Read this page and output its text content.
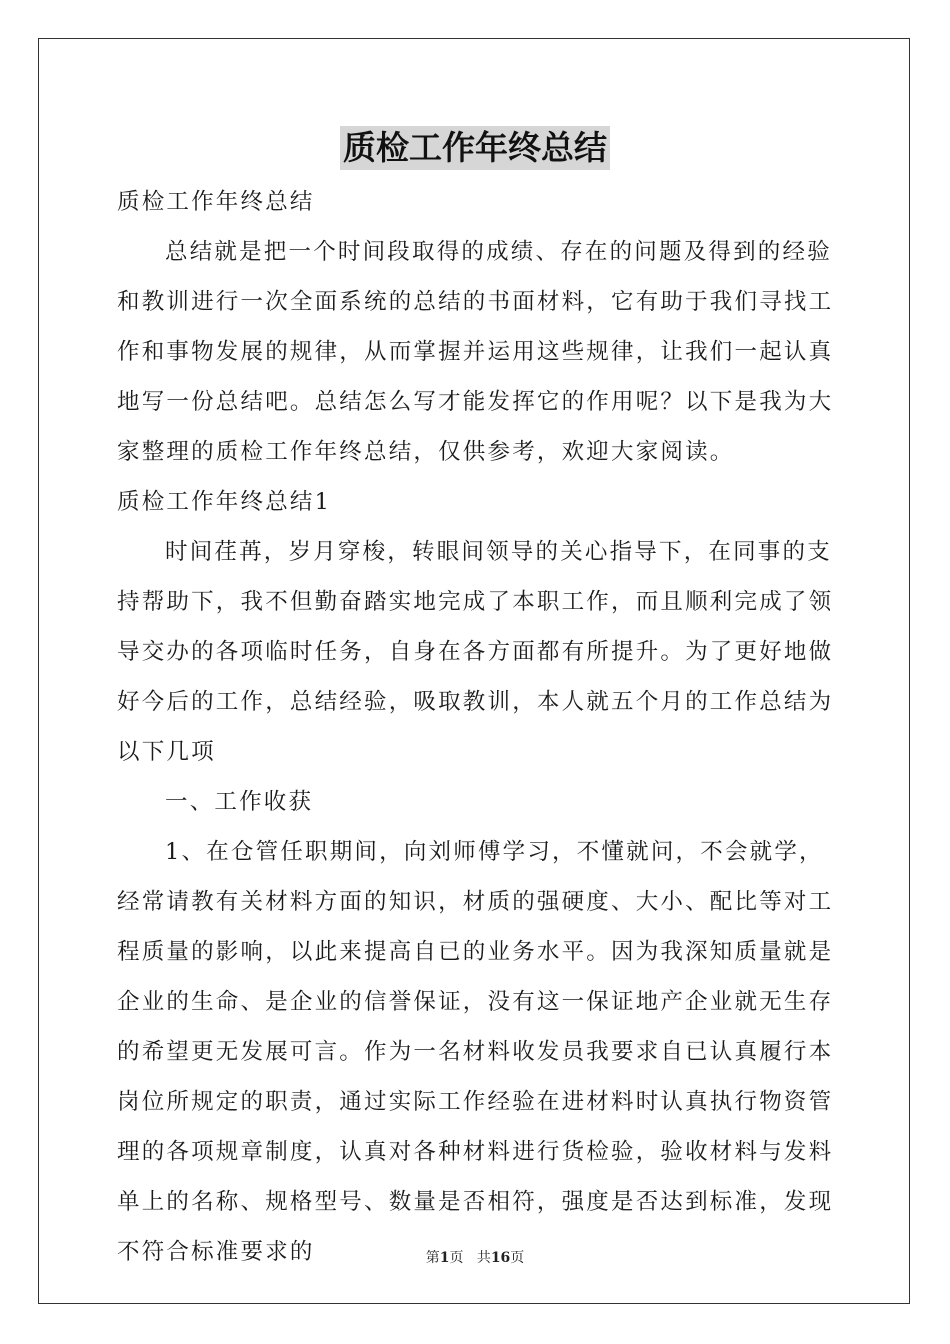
质检工作年终总结

质检工作年终总结

总结就是把一个时间段取得的成绩、存在的问题及得到的经验和教训进行一次全面系统的总结的书面材料，它有助于我们寻找工作和事物发展的规律，从而掌握并运用这些规律，让我们一起认真地写一份总结吧。总结怎么写才能发挥它的作用呢？以下是我为大家整理的质检工作年终总结，仅供参考，欢迎大家阅读。

质检工作年终总结1

时间荏苒，岁月穿梭，转眼间领导的关心指导下，在同事的支持帮助下，我不但勤奋踏实地完成了本职工作，而且顺利完成了领导交办的各项临时任务，自身在各方面都有所提升。为了更好地做好今后的工作，总结经验，吸取教训，本人就五个月的工作总结为以下几项

一、工作收获

1、在仓管任职期间，向刘师傅学习，不懂就问，不会就学，经常请教有关材料方面的知识，材质的强硬度、大小、配比等对工程质量的影响，以此来提高自已的业务水平。因为我深知质量就是企业的生命、是企业的信誉保证，没有这一保证地产企业就无生存的希望更无发展可言。作为一名材料收发员我要求自已认真履行本岗位所规定的职责，通过实际工作经验在进材料时认真执行物资管理的各项规章制度，认真对各种材料进行货检验，验收材料与发料单上的名称、规格型号、数量是否相符，强度是否达到标准，发现不符合标准要求的	第1页 共16页
